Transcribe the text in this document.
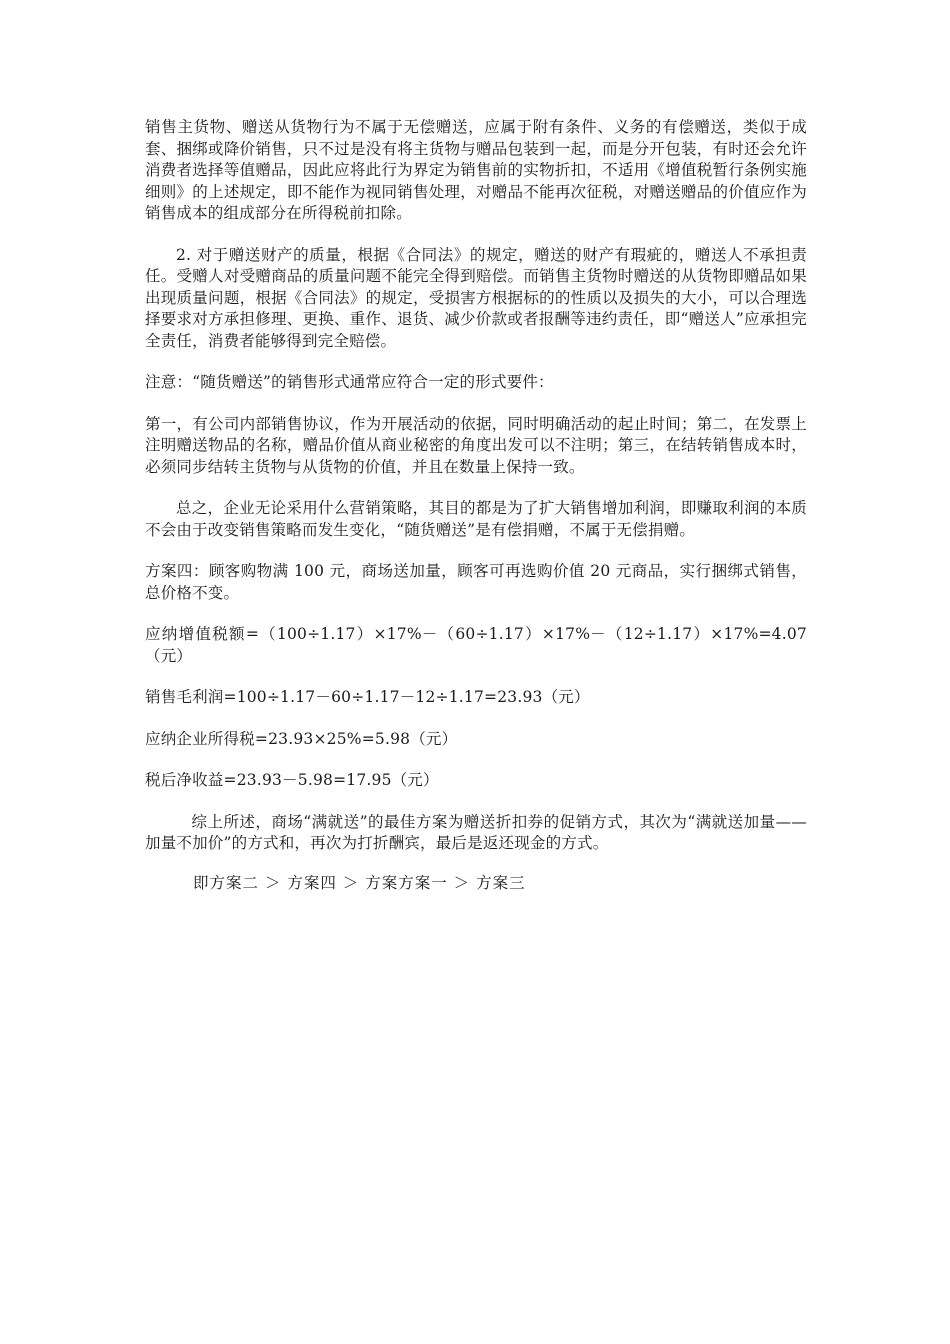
销售主货物、赠送从货物行为不属于无偿赠送，应属于附有条件、义务的有偿赠送，类似于成套、捆绑或降价销售，只不过是没有将主货物与赠品包装到一起，而是分开包装，有时还会允许消费者选择等值赠品，因此应将此行为界定为销售前的实物折扣，不适用《增值税暂行条例实施细则》的上述规定，即不能作为视同销售处理，对赠品不能再次征税，对赠送赠品的价值应作为销售成本的组成部分在所得税前扣除。

2. 对于赠送财产的质量，根据《合同法》的规定，赠送的财产有瑕疵的，赠送人不承担责任。受赠人对受赠商品的质量问题不能完全得到赔偿。而销售主货物时赠送的从货物即赠品如果出现质量问题，根据《合同法》的规定，受损害方根据标的的性质以及损失的大小，可以合理选择要求对方承担修理、更换、重作、退货、减少价款或者报酬等违约责任，即“赠送人”应承担完全责任，消费者能够得到完全赔偿。

注意：“随货赠送”的销售形式通常应符合一定的形式要件：

第一，有公司内部销售协议，作为开展活动的依据，同时明确活动的起止时间；第二，在发票上注明赠送物品的名称，赠品价值从商业秘密的角度出发可以不注明；第三，在结转销售成本时，必须同步结转主货物与从货物的价值，并且在数量上保持一致。

总之，企业无论采用什么营销策略，其目的都是为了扩大销售增加利润，即赚取利润的本质不会由于改变销售策略而发生变化，“随货赠送”是有偿捐赠，不属于无偿捐赠。

方案四：顾客购物满 100 元，商场送加量，顾客可再选购价值 20 元商品，实行捆绑式销售，总价格不变。

应纳增值税额=（100÷1.17）×17%－（60÷1.17）×17%－（12÷1.17）×17%=4.07（元）

销售毛利润=100÷1.17－60÷1.17－12÷1.17=23.93（元）

应纳企业所得税=23.93×25%=5.98（元）

税后净收益=23.93－5.98=17.95（元）

综上所述，商场“满就送”的最佳方案为赠送折扣券的促销方式，其次为“满就送加量——加量不加价”的方式和，再次为打折酬宾，最后是返还现金的方式。

即方案二 ＞ 方案四 ＞ 方案方案一 ＞ 方案三
